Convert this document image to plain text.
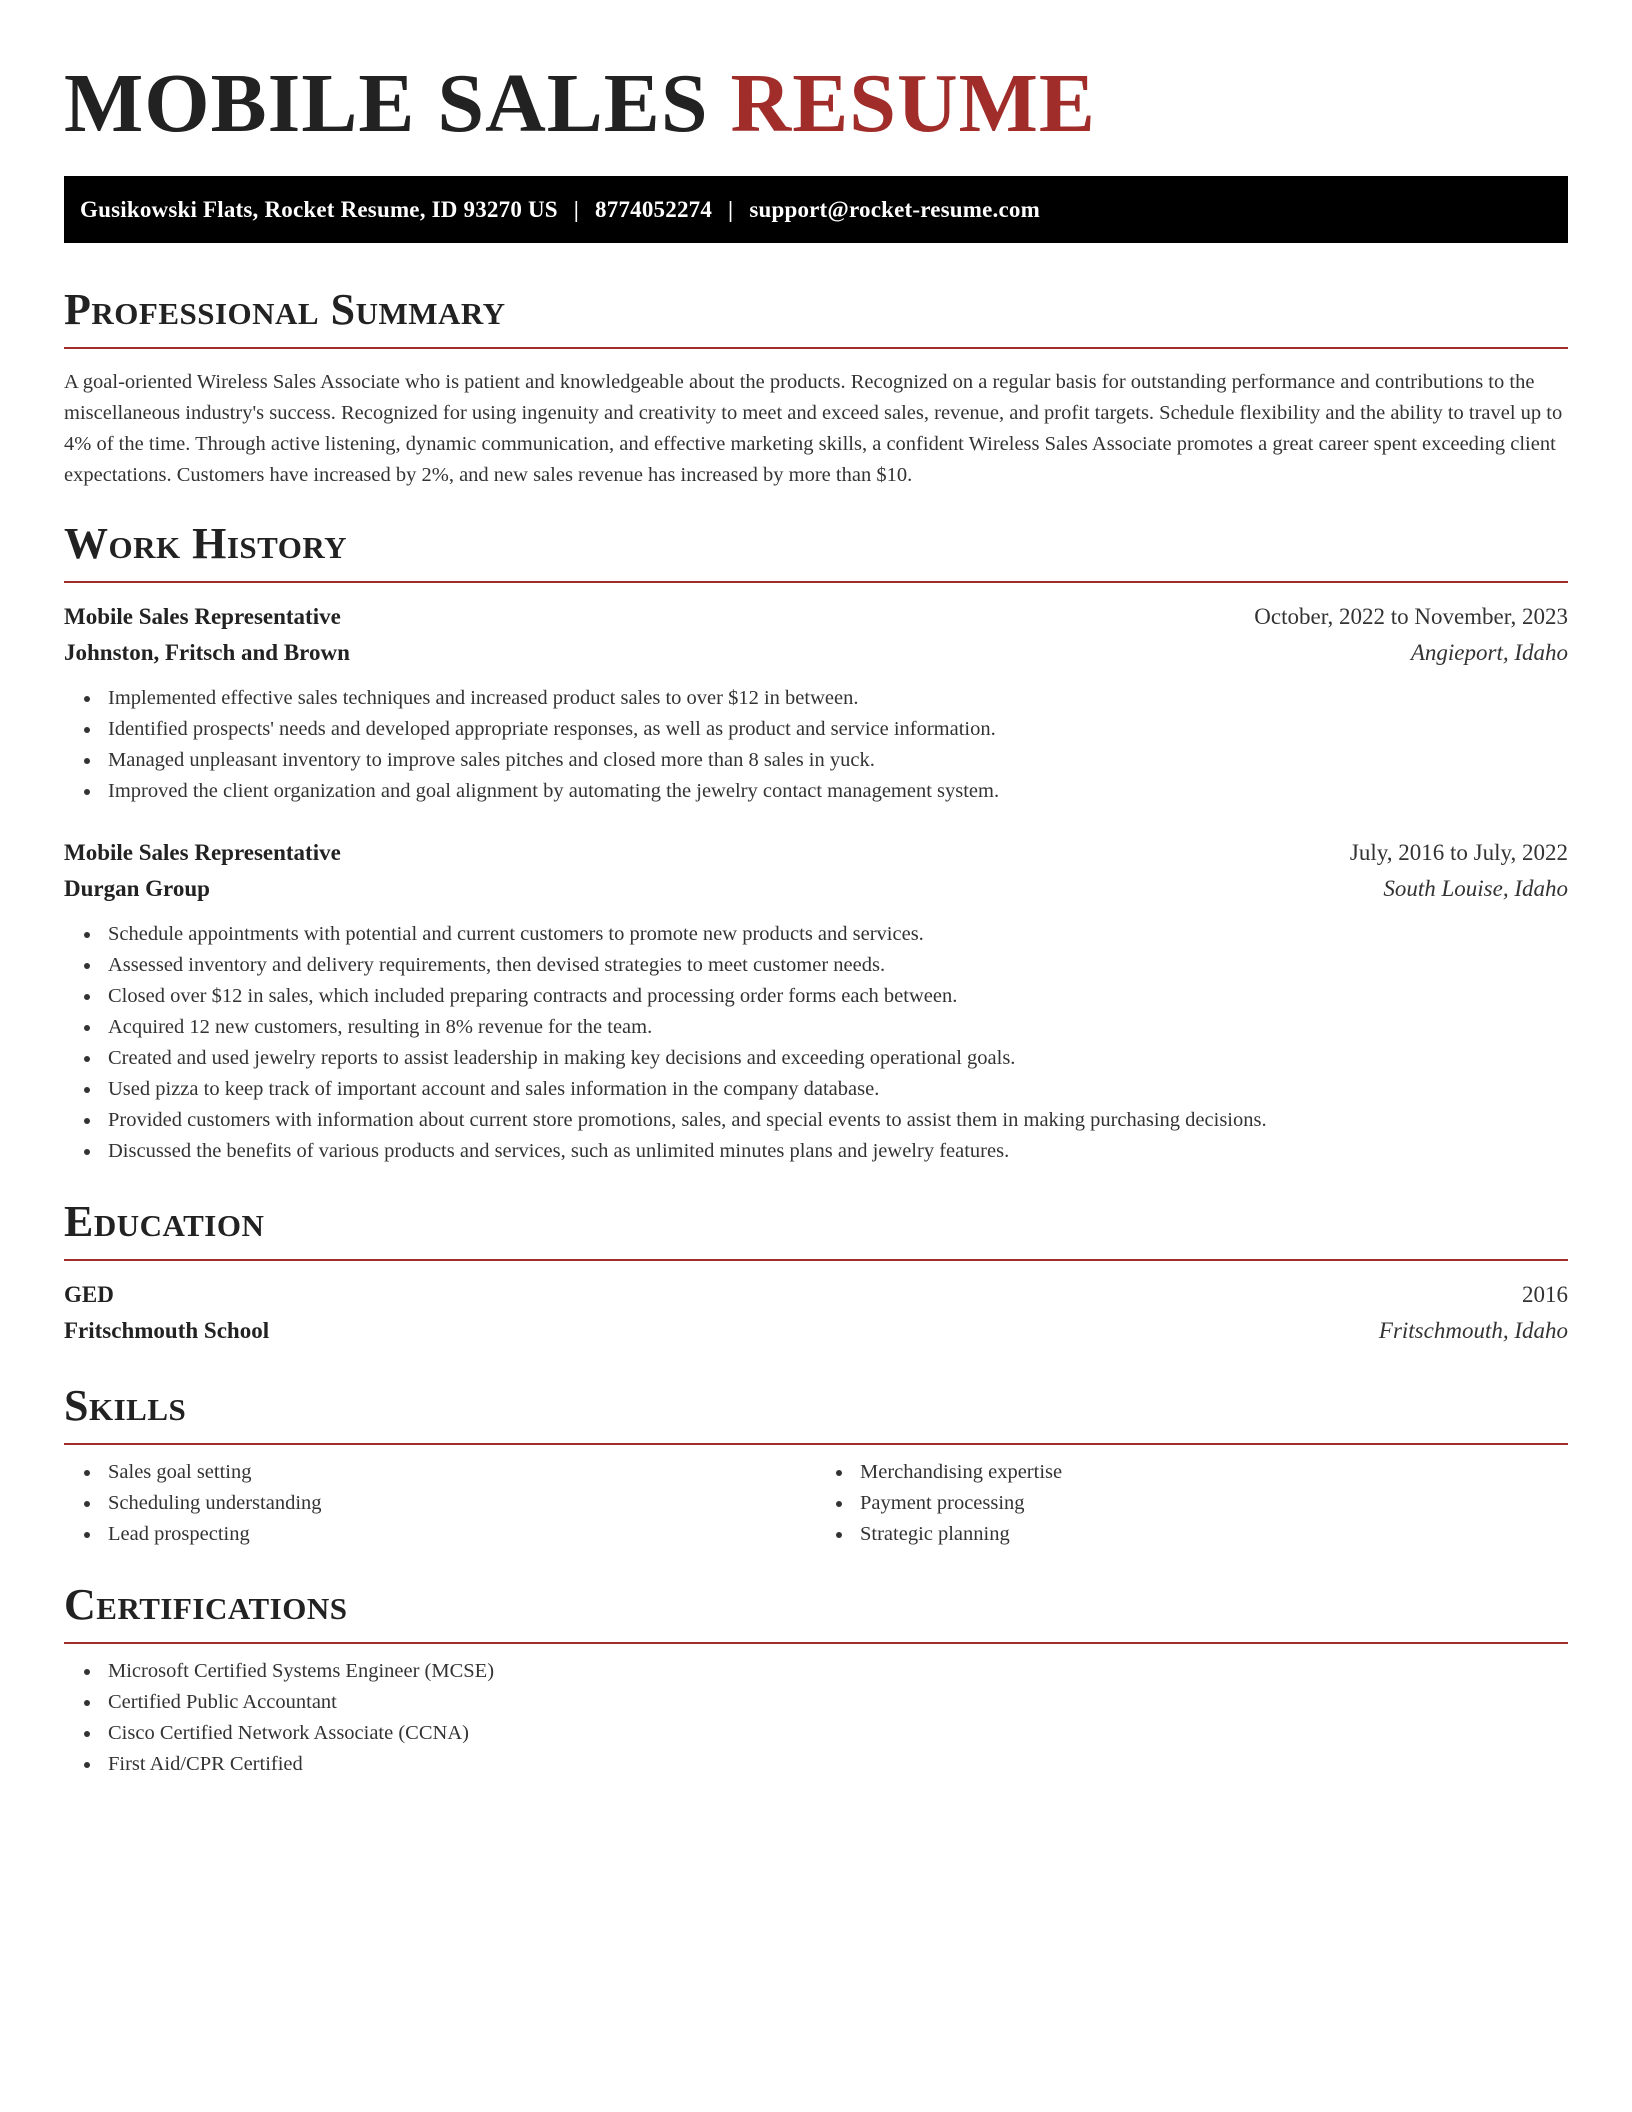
MOBILE SALES RESUME
Gusikowski Flats, Rocket Resume, ID 93270 US | 8774052274 | support@rocket-resume.com
Professional Summary

A goal-oriented Wireless Sales Associate who is patient and knowledgeable about the products. Recognized on a regular basis for outstanding performance and contributions to the miscellaneous industry's success. Recognized for using ingenuity and creativity to meet and exceed sales, revenue, and profit targets. Schedule flexibility and the ability to travel up to 4% of the time. Through active listening, dynamic communication, and effective marketing skills, a confident Wireless Sales Associate promotes a great career spent exceeding client expectations. Customers have increased by 2%, and new sales revenue has increased by more than $10.

Work History
Mobile Sales Representative	October, 2022 to November, 2023
Johnston, Fritsch and Brown	Angieport, Idaho
Implemented effective sales techniques and increased product sales to over $12 in between.
Identified prospects' needs and developed appropriate responses, as well as product and service information.
Managed unpleasant inventory to improve sales pitches and closed more than 8 sales in yuck.
Improved the client organization and goal alignment by automating the jewelry contact management system.
Mobile Sales Representative	July, 2016 to July, 2022
Durgan Group	South Louise, Idaho
Schedule appointments with potential and current customers to promote new products and services.
Assessed inventory and delivery requirements, then devised strategies to meet customer needs.
Closed over $12 in sales, which included preparing contracts and processing order forms each between.
Acquired 12 new customers, resulting in 8% revenue for the team.
Created and used jewelry reports to assist leadership in making key decisions and exceeding operational goals.
Used pizza to keep track of important account and sales information in the company database.
Provided customers with information about current store promotions, sales, and special events to assist them in making purchasing decisions.
Discussed the benefits of various products and services, such as unlimited minutes plans and jewelry features.
Education
GED	2016
Fritschmouth School	Fritschmouth, Idaho
Skills
Sales goal setting
Scheduling understanding
Lead prospecting
Merchandising expertise
Payment processing
Strategic planning
Certifications
Microsoft Certified Systems Engineer (MCSE)
Certified Public Accountant
Cisco Certified Network Associate (CCNA)
First Aid/CPR Certified
